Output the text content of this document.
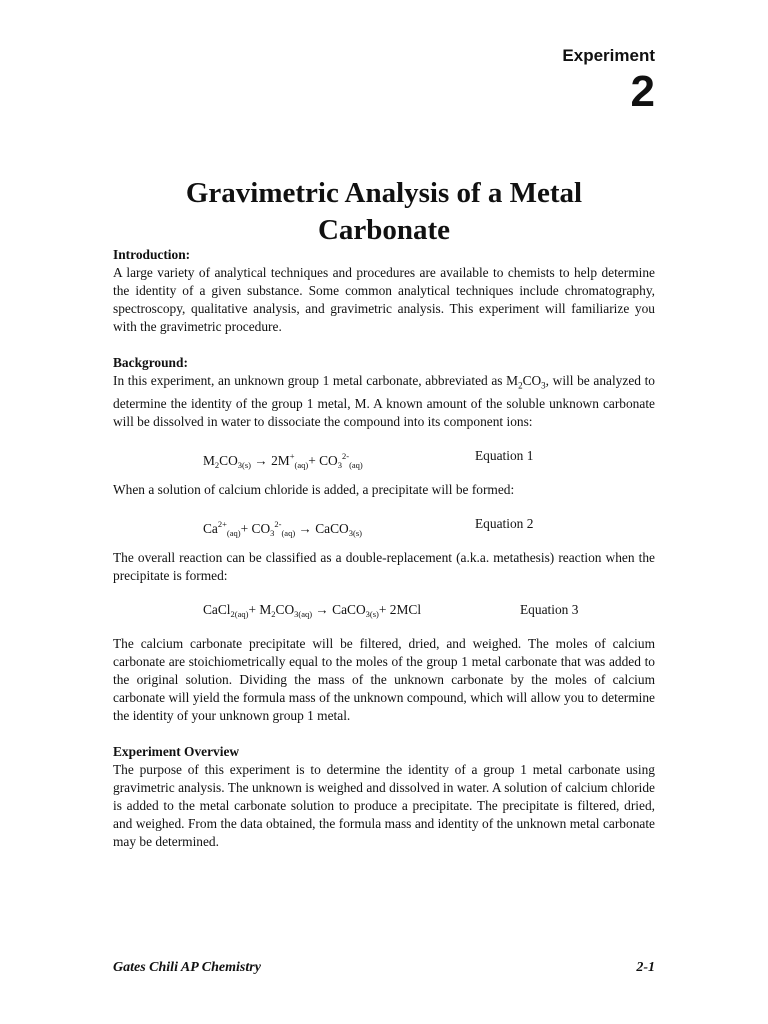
Experiment
2
Gravimetric Analysis of a Metal
Carbonate

Introduction:

A large variety of analytical techniques and procedures are available to chemists to help determine the identity of a given substance. Some common analytical techniques include chromatography, spectroscopy, qualitative analysis, and gravimetric analysis. This experiment will familiarize you with the gravimetric procedure.

Background:

In this experiment, an unknown group 1 metal carbonate, abbreviated as $M_2CO_3$, will be analyzed to determine the identity of the group 1 metal, M. A known amount of the soluble unknown carbonate will be dissolved in water to dissociate the compound into its component ions:

$M_2CO_{3(s)} \to 2M^+_{(aq)}+ CO_3^{2-}_{(aq)}$
Equation 1

When a solution of calcium chloride is added, a precipitate will be formed:

$Ca^{2+}_{(aq)}+ CO_3^{2-}_{(aq)}$ → CaCO$_{3(s)}$
Equation 2

The overall reaction can be classified as a double-replacement (a.k.a. metathesis) reaction when the precipitate is formed:

CaCl$_{2(aq)}$+ $M_2CO_{3(aq)}$ → CaCO$_{3(s)}$+ 2MCl	Equation 3

The calcium carbonate precipitate will be filtered, dried, and weighed. The moles of calcium carbonate are stoichiometrically equal to the moles of the group 1 metal carbonate that was added to the original solution. Dividing the mass of the unknown carbonate by the moles of calcium carbonate will yield the formula mass of the unknown compound, which will allow you to determine the identity of your unknown group 1 metal.

Experiment Overview

The purpose of this experiment is to determine the identity of a group 1 metal carbonate using gravimetric analysis. The unknown is weighed and dissolved in water. A solution of calcium chloride is added to the metal carbonate solution to produce a precipitate. The precipitate is filtered, dried, and weighed. From the data obtained, the formula mass and identity of the unknown metal carbonate may be determined.

Gates Chili AP Chemistry	2-1
